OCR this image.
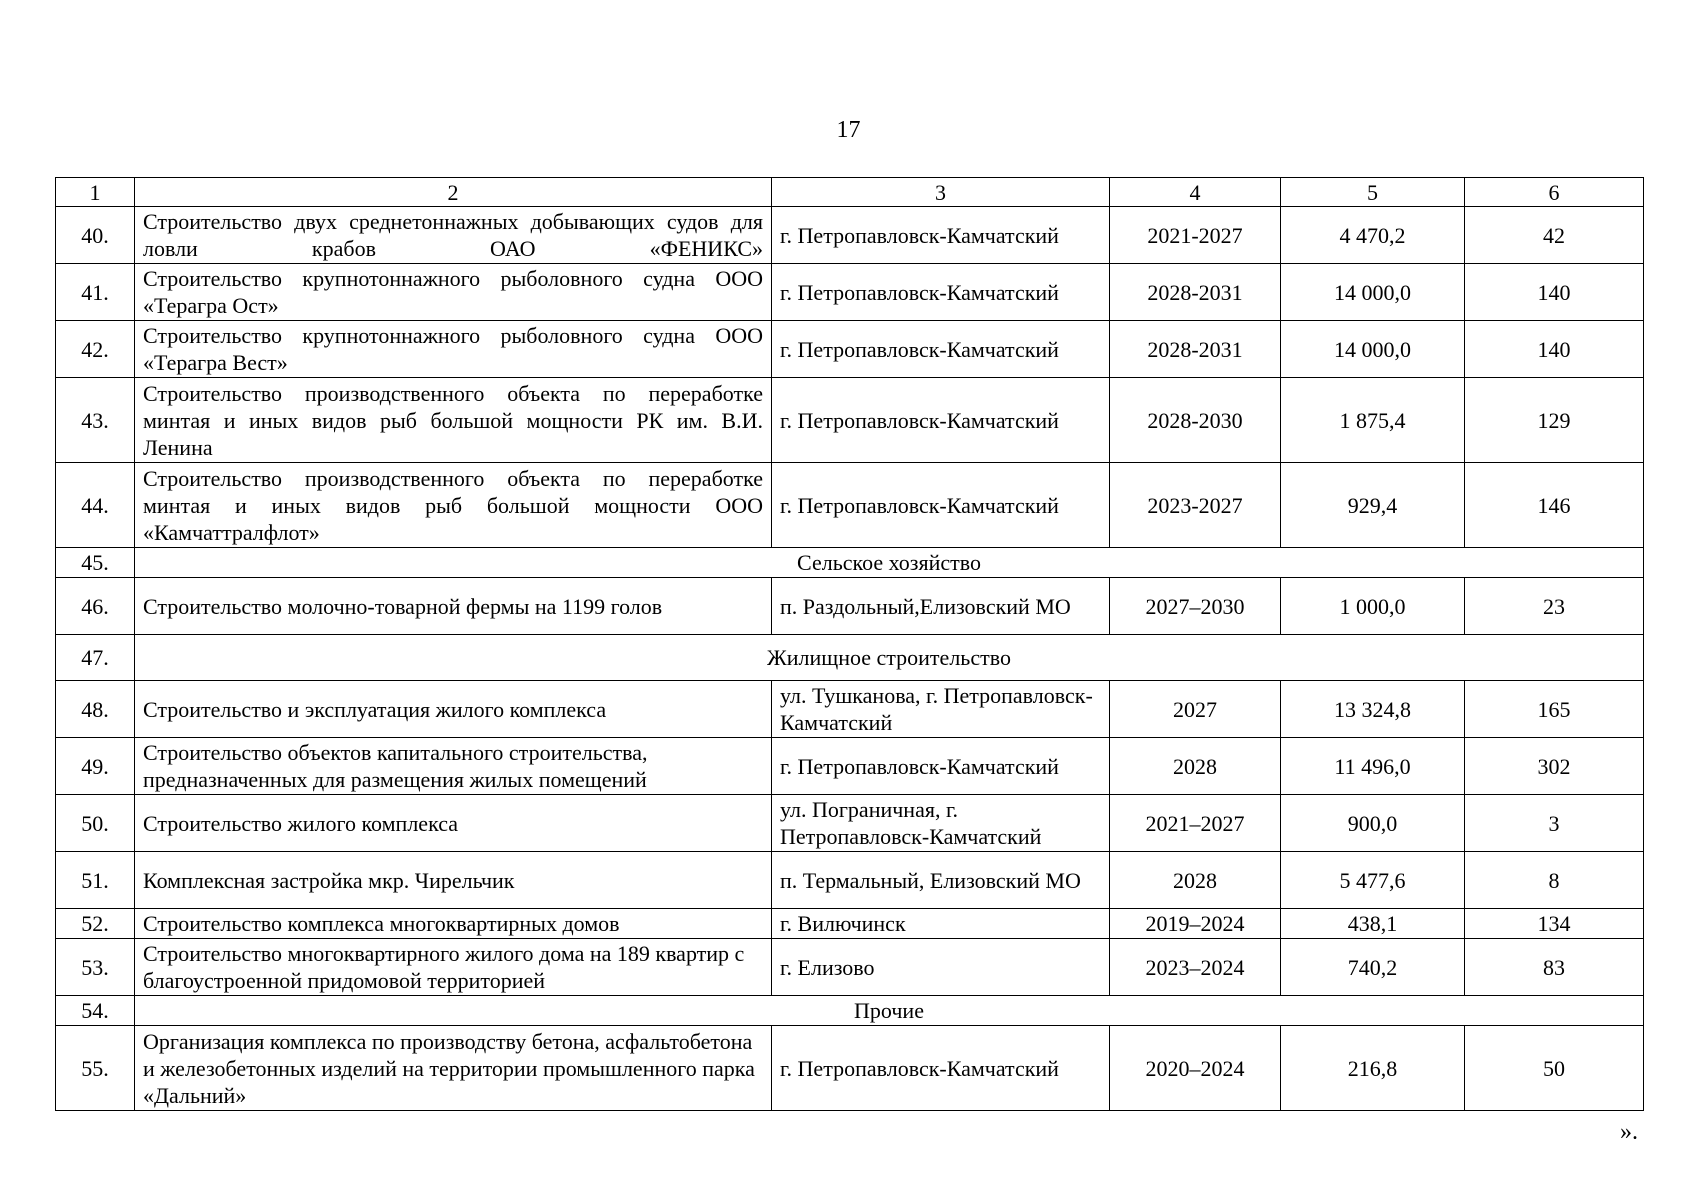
17
1	2	3	4	5	6
40.	Строительство двух среднетоннажных добывающих судов для ловли крабов ОАО «ФЕНИКС»	г. Петропавловск-Камчатский	2021-2027	4 470,2	42
41.	Строительство крупнотоннажного рыболовного судна ООО «Терагра Ост»	г. Петропавловск-Камчатский	2028-2031	14 000,0	140
42.	Строительство крупнотоннажного рыболовного судна ООО «Терагра Вест»	г. Петропавловск-Камчатский	2028-2031	14 000,0	140
43.	Строительство производственного объекта по переработке минтая и иных видов рыб большой мощности РК им. В.И. Ленина	г. Петропавловск-Камчатский	2028-2030	1 875,4	129
44.	Строительство производственного объекта по переработке минтая и иных видов рыб большой мощности ООО «Камчаттралфлот»	г. Петропавловск-Камчатский	2023-2027	929,4	146
45.	Сельское хозяйство				
46.	Строительство молочно-товарной фермы на 1199 голов	п. Раздольный,Елизовский МО	2027–2030	1 000,0	23
47.	Жилищное строительство				
48.	Строительство и эксплуатация жилого комплекса	ул. Тушканова, г. Петропавловск-Камчатский	2027	13 324,8	165
49.	Строительство объектов капитального строительства, предназначенных для размещения жилых помещений	г. Петропавловск-Камчатский	2028	11 496,0	302
50.	Строительство жилого комплекса	ул. Пограничная, г. Петропавловск-Камчатский	2021–2027	900,0	3
51.	Комплексная застройка мкр. Чирельчик	п. Термальный, Елизовский МО	2028	5 477,6	8
52.	Строительство комплекса многоквартирных домов	г. Вилючинск	2019–2024	438,1	134
53.	Строительство многоквартирного жилого дома на 189 квартир с благоустроенной придомовой территорией	г. Елизово	2023–2024	740,2	83
54.	Прочие				
55.	Организация комплекса по производству бетона, асфальтобетона и железобетонных изделий на территории промышленного парка «Дальний»	г. Петропавловск-Камчатский	2020–2024	216,8	50
».
